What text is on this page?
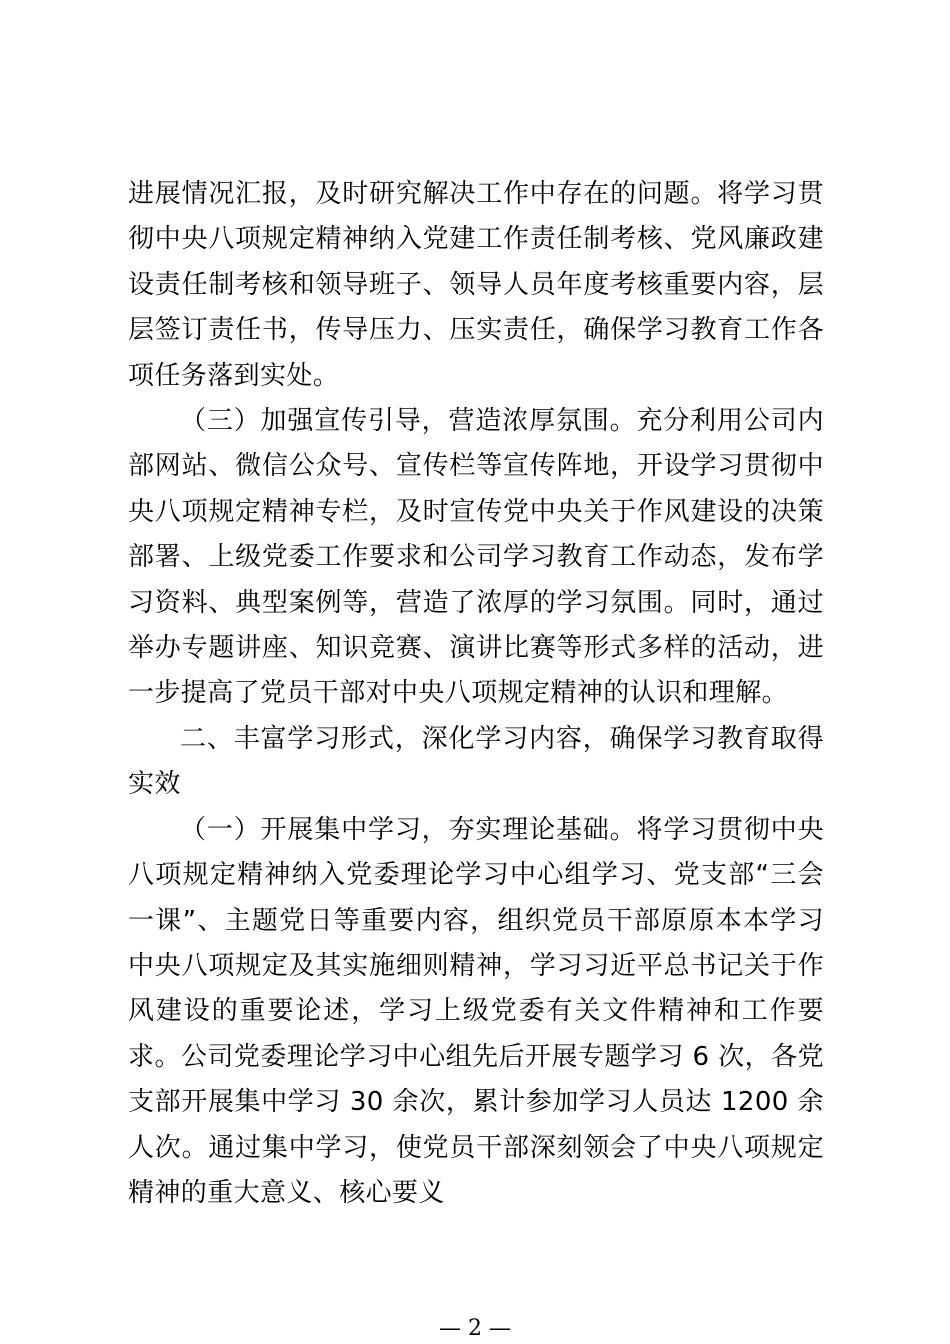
进展情况汇报，及时研究解决工作中存在的问题。将学习贯彻中央八项规定精神纳入党建工作责任制考核、党风廉政建设责任制考核和领导班子、领导人员年度考核重要内容，层层签订责任书，传导压力、压实责任，确保学习教育工作各项任务落到实处。

（三）加强宣传引导，营造浓厚氛围。充分利用公司内部网站、微信公众号、宣传栏等宣传阵地，开设学习贯彻中央八项规定精神专栏，及时宣传党中央关于作风建设的决策部署、上级党委工作要求和公司学习教育工作动态，发布学习资料、典型案例等，营造了浓厚的学习氛围。同时，通过举办专题讲座、知识竞赛、演讲比赛等形式多样的活动，进一步提高了党员干部对中央八项规定精神的认识和理解。

二、丰富学习形式，深化学习内容，确保学习教育取得实效

（一）开展集中学习，夯实理论基础。将学习贯彻中央八项规定精神纳入党委理论学习中心组学习、党支部“三会一课”、主题党日等重要内容，组织党员干部原原本本学习中央八项规定及其实施细则精神，学习习近平总书记关于作风建设的重要论述，学习上级党委有关文件精神和工作要求。公司党委理论学习中心组先后开展专题学习 6 次，各党支部开展集中学习 30 余次，累计参加学习人员达 1200 余人次。通过集中学习，使党员干部深刻领会了中央八项规定精神的重大意义、核心要义

— 2 —
